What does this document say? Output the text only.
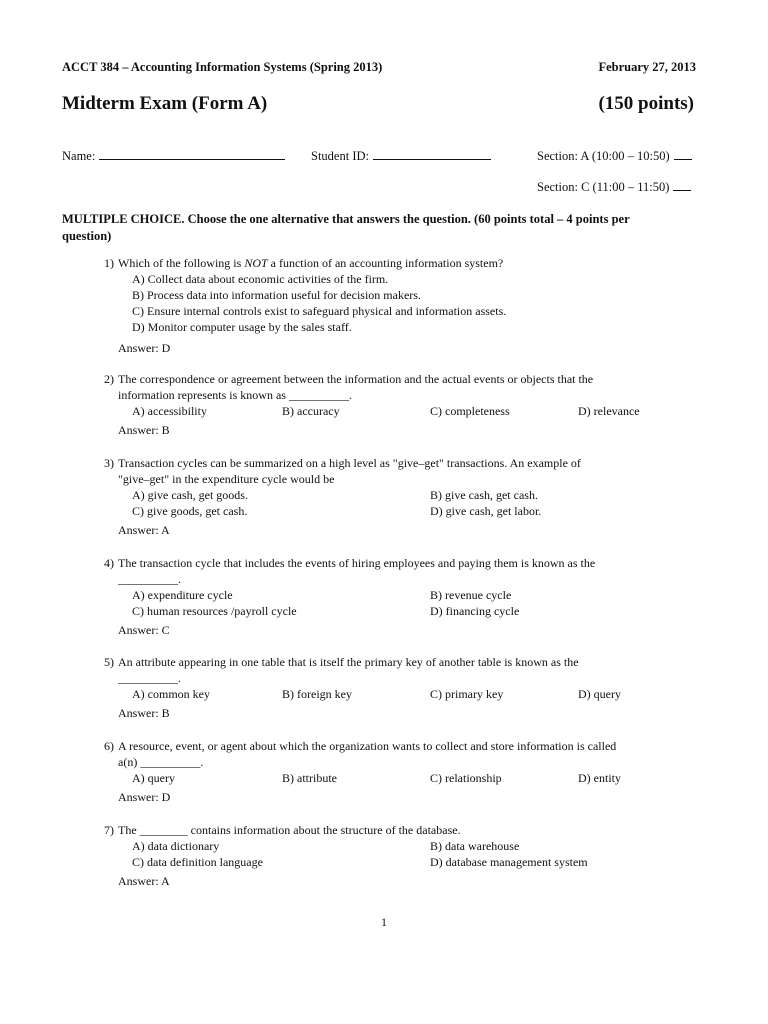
ACCT 384 – Accounting Information Systems (Spring 2013)	February 27, 2013
Midterm Exam (Form A)	(150 points)
Name:	Student ID:	Section: A (10:00 – 10:50)
Section: C (11:00 – 11:50)
MULTIPLE CHOICE. Choose the one alternative that answers the question. (60 points total – 4 points per question)
1) Which of the following is NOT a function of an accounting information system?
A) Collect data about economic activities of the firm.
B) Process data into information useful for decision makers.
C) Ensure internal controls exist to safeguard physical and information assets.
D) Monitor computer usage by the sales staff.
Answer: D
2) The correspondence or agreement between the information and the actual events or objects that the
information represents is known as __________.
A) accessibility	B) accuracy	C) completeness	D) relevance
Answer: B
3) Transaction cycles can be summarized on a high level as "give–get" transactions. An example of
"give–get" in the expenditure cycle would be
A) give cash, get goods.	B) give cash, get cash.
C) give goods, get cash.	D) give cash, get labor.
Answer: A
4) The transaction cycle that includes the events of hiring employees and paying them is known as the
__________.
A) expenditure cycle	B) revenue cycle
C) human resources /payroll cycle	D) financing cycle
Answer: C
5) An attribute appearing in one table that is itself the primary key of another table is known as the
__________.
A) common key	B) foreign key	C) primary key	D) query
Answer: B
6) A resource, event, or agent about which the organization wants to collect and store information is called
a(n) __________.
A) query	B) attribute	C) relationship	D) entity
Answer: D
7) The ________ contains information about the structure of the database.
A) data dictionary	B) data warehouse
C) data definition language	D) database management system
Answer: A
1
